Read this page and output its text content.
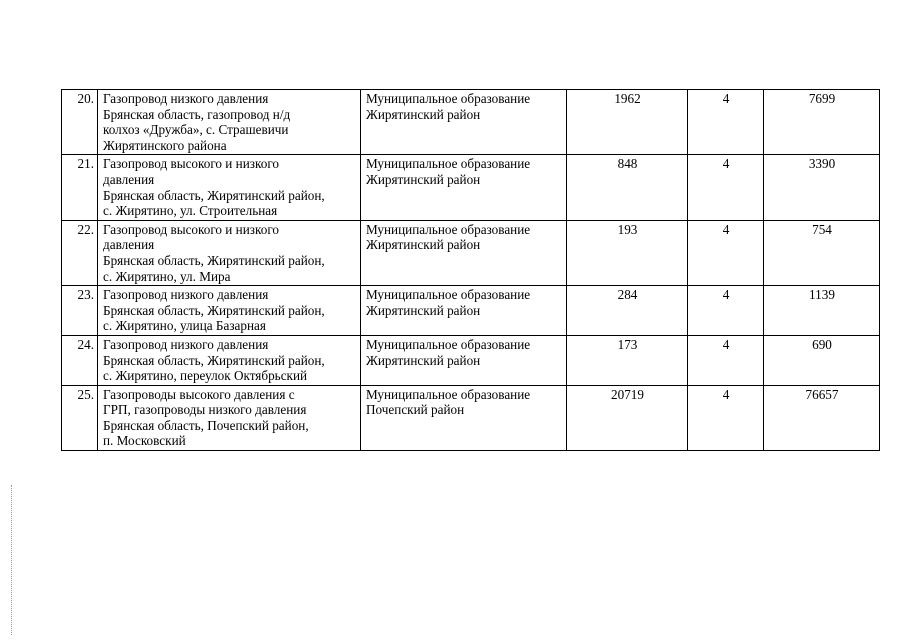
20.	Газопровод низкого давления
Брянская область, газопровод н/д
колхоз «Дружба», с. Страшевичи
Жирятинского района	Муниципальное образование
Жирятинский район	1962	4	7699
21.	Газопровод высокого и низкого
давления
Брянская область, Жирятинский район,
с. Жирятино, ул. Строительная	Муниципальное образование
Жирятинский район	848	4	3390
22.	Газопровод высокого и низкого
давления
Брянская область, Жирятинский район,
с. Жирятино, ул. Мира	Муниципальное образование
Жирятинский район	193	4	754
23.	Газопровод низкого давления
Брянская область, Жирятинский район,
с. Жирятино, улица Базарная	Муниципальное образование
Жирятинский район	284	4	1139
24.	Газопровод низкого давления
Брянская область, Жирятинский район,
с. Жирятино, переулок Октябрьский	Муниципальное образование
Жирятинский район	173	4	690
25.	Газопроводы высокого давления с
ГРП, газопроводы низкого давления
Брянская область, Почепский район,
п. Московский	Муниципальное образование
Почепский район	20719	4	76657
